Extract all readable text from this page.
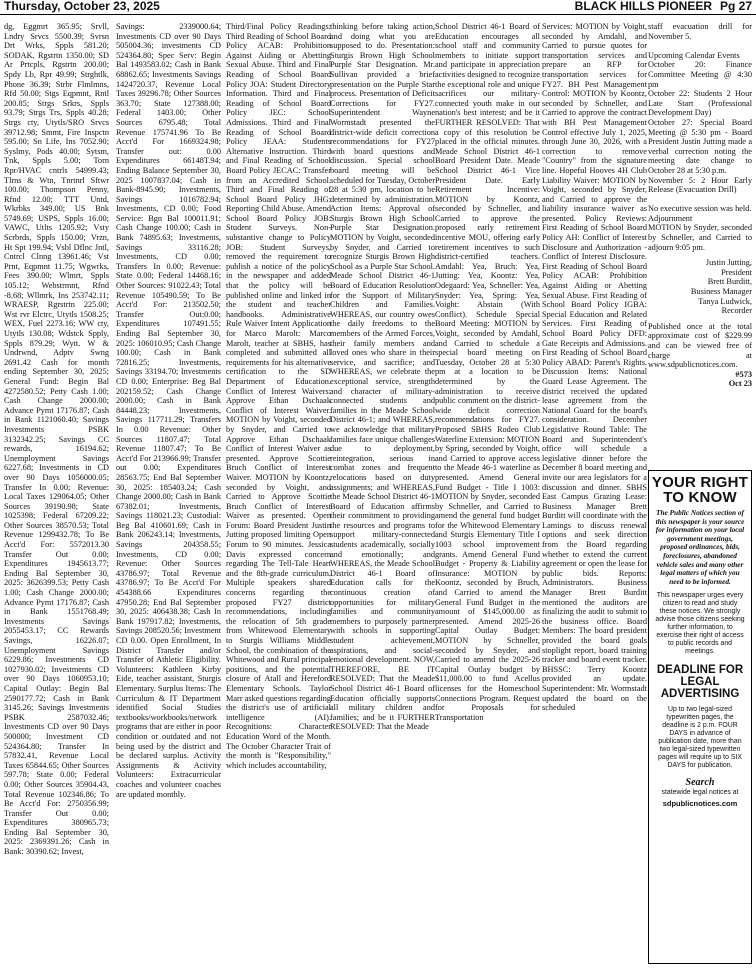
Thursday, October 23, 2025	BLACK HILLS PIONEER Pg 27

dg, Eggmrt 365.95; Srvll, Lndry Srvcs 5500.39; Svrsn Drt Wrks, Sppls 581.20; SODAK, Rgstrtn 1350.00; SD Ar Prtcpls, Rgstrtn 200.00; Spdy Lb, Rpr 49.99; Strghtlk, Phone 36.39; Strbr Flmlmns, Rfd 50.00; Stgs Eqpmnt, Rntl 200.85; Strgs Srkrs, Sppls 93.79; Strgs Trs, Sppls 40.28; Strgs cty, Utytls/SRO Srvcs 39712.98; Smmt, Fire Inspctn 595.00; Sn Life, Ins 7052.90; Syslmy, Pods 40.00; Sytsm, Tnk, Sppls 5.00; Torn Rpr/HVAC cntrls 54999.43; Tlrns & Wtn, Tnrtnrl Sftwr 100.00; Thompson Penny, Rfnd 12.00; TTT Untd, Wkrbks 349.00; US Bnk 5749.69; USPS, Sppls 16.00; VAWC, Utlts 1205.92; Vsty Scrbrds, Sppls 150.00; Vrzn, Ht Spt 199.94; Vsbl Dflnc Jntl, Cntrcl Clnng 13961.46; Vst Prnt, Eqpmnt 11.75; Wgwrks, Fees 390.00; Wlmrt, Sppls 105.12; Webstrmnt, Rfnd -8.68; Wllmrk, Ins 253742.11; WRAESP, Rgrstrtn 225.00; Wst rvr Elctrc, Utytls 1508.25; WEX, Fuel 2273.16; WW cty, Utytls 130.08; Wdstck Spply, Sppls 879.29; Wytt. W & Undrwnd, Adptv Swng 2691.42 Cash for month ending September 30, 2025; General Fund: Begin Bal 4272580.52; Petty Cash 1.00; Cash Change 2000.00; Advance Pymt 17176.87; Cash in Bank 1121060.40; Savings Investments PSBK 3132342.25; Savings CC rewards, 16194.62; Unemployment Savings 6227.68; Investments in CD over 90 Days 1056000.05; Transfer In 0.00; Revenue: Local Taxes 129064.05; Other Sources 39190.98; State 1025398; Federal 67209.22; Other Sources 38570.53; Total Revenue 1299432.78; To Be Acct'd For: 5572013.30 Transfer Out 0.00; Expenditures 1945613.77; Ending Bal September 30, 2025: 3626399.53; Petty Cash 1.00; Cash Change 2000.00; Advance Pymt 17176.87; Cash in Bank 1551768.49; Investments Savings 2055453.17; CC Rewards Savings, 16226.07; Unemployment Savings 6229.86; Investments CD 1027930.02; Investments CD over 90 Days 1060953.10; Capital Outlay: Begin Bal 2590177.72; Cash in Bank 3145.26; Savings Investments PSBK 2587032.46; Investments CD over 90 Days 500000; Investment CD 524364.80; Transfer In 57832.41, Revenue Local Taxes 65844.65; Other Sources 597.78; State 0.00; Federal 0.00; Other Sources 35904.43, Total Revenue 102346.86; To Be Acct'd For: 2750356.99; Transfer Out 0.00; Expenditures 380965.73; Ending Bal September 30, 2025: 2369391.26; Cash in Bank: 30390.62; Invest,

Savings: 2339000.64; Investments CD over 90 Days 505004.36; investments CD 524364.80; Spec Serv: Begin Bal 1493583.02; Cash in Bank 68862.65; Investments Savings 1424720.37, Revenue Local Taxes 39296.78; Other Sources 363.70; State 127388.00; Federal 1403.00; Other Sources 6795.48; Total Revenue 175741.96 To Be Acct'd For 1669324.98; Transfer out: 0.00 Expenditures 66148T.94; Ending Balance September 30, 2025 1007837.04; Cash in Bank-8945.90; Investments, Savings 1016782.94; Investments, CD 0.00; Food Service: Bgn Bal 100011.91; Cash Change 100.00; Cash in Bank 74895.63; Investments, Savings 33116.28; Investments, CD 0.00; Transfers In 0.00; Revenue: State 0.00; Federal 14468.16; Other Sources: 91022.43; Total Revenue 105490.59; To Be Acct'd For: 213502.50; Transfer Out:0.00; Expenditures 107491.55; Ending Bal September 30, 2025: 106010.95; Cash Change 100.00; Cash in Bank 72816.25; Investments, Savings 33194.70; Investments CD 0.00; Enterprise: Beg Bal 202159.52; Cash Change 2000.00; Cash in Bank 84448.23; Investments, Savings 117711.29; Transfers In 0.00 Revenue: Other Sources 11807.47; Total Revenue 11807.47; To Be Acct'd For 213966.99; Transfer out 0.00; Expenditures 28563.75; End Bal September 30, 2025: 185403.24; Cash Change 2000.00; Cash in Bank 67382.01; Investments, Savings 118021.23; Custodial: Beg Bal 410601.69; Cash in Bank 206243.14; Investments, Savings 204358.55; Investments, CD 0.00; Revenue: Other Sources 43786.97; Total Revenue 43786.97; To Be Acct'd For 454388.66 Expenditures 47950.28; End Bal September 30, 2025: 406438.38; Cash In Bank 197917.82; Investments, Savings 208520.56; Investment CD 0.00. Open Enrollment, In District Transfer and/or Transfer of Athletic Eligibility. Volunteers: Kathleen Kirby Eide, teacher assistant, Sturgis Elementary. Surplus Items: The Curriculum & IT Department identified Social Studies textbooks/workbooks/network programs that are either in poor condition or outdated and not being used by the district and be declared surplus. Activity Assignments & Activity Volunteers: Extracurricular coaches and volunteer coaches are updated monthly.

Third/Final Policy Readings: Third Reading of School Board Policy ACAB: Prohibition Against Aiding or Abetting Sexual Abuse. Third and Final Reading of School Board Policy JOA: Student Directory Information. Third and Final Reading of School Board Policy JEC: School Admissions. Third and Final Reading of School Board Policy JEAA: Students Alternative Instruction. Third and Final Reading of School Board Policy JECAC: Transfer from an Accredited School. Third and Final Reading of School Board Policy JHG: Reporting Child Abuse. Amend School Board Policy JOB: Student Surveys. Non-substantive change to Policy JOB: Student Surveys, removed the requirement to publish a notice of the policy in the newspaper and added that the policy will be published online and linked in the student and teacher handbooks. Administrative Rule Waiver Intent Application for Marco Marolt: Marco Marolt, teacher at SBHS, has completed and submitted all requirements for his alternative certification to the SD Department of Education. Conflict of Interest Waivers: Approve Ethan Dschaak Conflict of Interest Waiver. MOTION by Voight, seconded by Snyder, and Carried to Approve Ethan Dschaak Conflict of Interest Waiver as presented. Approve Scottie Bruch Conflict of Interest Waiver. MOTION by Koontz, seconded by Voight, and Carried to Approve Scottie Bruch Conflict of Interest Waiver as presented. Open Forum: Board President Justin Jutting proposed limiting Open Forum to 90 minutes. Jessica Davis expressed concern regarding The Tell-Tale Heart and the 8th-grade curriculum. Multiple speakers shared concerns regarding the proposed FY27 district recommendations, including the relocation of 5th grade from Whitewood Elementary to Sturgis Williams Middle School, the combination of the Whitewood and Rural principal positions, and the potential closure of Atall and Hereford Elementary Schools. Taylor Marr asked questions regarding the district's use of artificial intelligence (AI). Recognitions: Character Education Word of the Month. The October Character Trait of the month is "Responsibility," which includes accountability,

thinking before taking action, and doing what you are supposed to do. Presentation: Sturgis Brown High School Purple Star Designation. Mr. Sullivan provided a brief presentation on the Purple Star process. Presentation of Deficit Corrections for FY27. Superintendent Wayne Wormstadt presented the district-wide deficit correction recommendations for FY27 with board questions and discussion. Special school board meeting will be scheduled for Tuesday, October 28 at 5:30 pm, location to be determined by administration. Action Items: Approval of Sturgis Brown High School Purple Star Designation. MOTION by Voight, seconded by Snyder, and Carried to recognize Sturgis Brown High School as a Purple Star School. Meade School District 46-1 Board of Education Resolution for the Support of Military Children and Families. WHEREAS, our country owes the daily freedoms to the members of the Armed Forces, their family members and loved ones who share in their service, and sacrifice; and WHEREAS, we celebrate the exceptional service, strength and character of military-connected students and families in the Meade School District 46-1; and WHEREAS, we acknowledge that military families face unique challenges due to deployment, reintegration, serious in combat zones and frequent relocations based on duty assignments; and WHEREAS, the Meade School District 46-1 Board of Education affirms their commitment to providing the resources and programs to support military-connected students academically, socially and emotionally; and WHEREAS, the Meade School District 46-1 Board of Education calls for the continuous creation of opportunities for military families and community members to purposely partner with schools in supporting student achievement, aspirations, and social-emotional development. NOW, THEREFORE, BE IT RESOLVED: That the Meade School District 46-1 Board of Education officially supports all military children and families; and be it FURTHER RESOLVED: That the Meade

School District 46-1 Board of Education encourages all school staff and community members to initiate support and participate in appreciation activities designed to recognize the exceptional role and unique sacrifices our military-connected youth make in our nation's best interest; and be it FURTHER RESOLVED: That a copy of this resolution be placed in the official minutes. Meade School District 46-1 Board President Date. Meade School District 46-1 Vice President Date. Early Retirement Incentive: MOTION by Koontz, seconded by Schneller, and Carried to approve the proposed early retirement incentive MOU, offering early retirement incentives to such district-certified teachers. Amdahl: Yea, Bruch: Yea, Jutting: Yea, Koontz: Yea, Odegaard: Yea, Schneller: Yea, Snyder: Yea, Spring: Yea, Voight: Abstain (With Conflict). Schedule Special Board Meeting: MOTION by Voight, seconded by Amdahl, and Carried to schedule a special board meeting on Tuesday, October 28 at 5:30 pm at a location to be determined by the administration to receive public comment on the district-wide deficit correction recommendations for FY27. Proposed SBHS Rodeo Club Waterline Extension: MOTION by Spring, seconded by Voight, and Carried to approve access to the Meade 46-1 waterline as presented. Amend General Fund Budget - Title I 1003: MOTION by Snyder, seconded by Schneller, and Carried to amend the general fund budget for the Whitewood Elementary and Sturgis Elementary Title I 1003 school improvement grants. Amend General Fund Budget - Property & Liability Insurance: MOTION by Koontz, seconded by Bruch, and Carried to amend the General Fund Budget in the amount of $145,000.00 as presented. Amend 2025-26 Capital Outlay Budget: MOTION by Schneller, seconded by Snyder, and Carried to amend the 2025-26 Capital Outlay budget by $11,000.00 to fund Acellus licenses for the Homeschool Connections Program. Request for Proposals for Transportation

Services: MOTION by Voight, seconded by Amdahl, and Carried to pursue quotes for transportation services and prepare an RFP for transportation services for FY27. BH Pest Management Control: MOTION by Koontz, seconded by Schneller, and Carried to approve the contract with BH Pest Management Control effective July 1, 2025, through June 30, 2026, with a correction to remove "Country" from the signature line. Hopeful Hooves 4H Club Liability Waiver: MOTION by Voight, seconded by Snyder, and Carried to approve the liability insurance waiver as presented. Policy Reviews: First Reading of School Board Policy AH: Conflict of Interest Disclosure and Authorization - Conflict of Interest Disclosure. First Reading of School Board Policy ACAB: Prohibition Against Aiding or Abetting Sexual Abuse. First Reading of School Board Policy IGBA: Special Education and Related Services. First Reading of School Board Policy DFD: Gate Receipts and Admissions. First Reading of School Board Policy ABAD: Parent's Rights. Discussion Items: National Guard Lease Agreement. The district received the updated lease agreement from the National Guard for the board's consideration. December Legislative Round Table: The Board and Superintendent's office will schedule a legislative dinner before the December 8 board meeting and invite our area legislators for a discussion and dinner. SBHS East Campus Grazing Lease: Business Manager Brett Burditt will coordinate with the Lamings to discuss renewal options and seek direction from the Board regarding whether to extend the current agreement or open the lease for public bids. Reports: Administrators. Business Manager Brett Burditt mentioned the auditors are finalizing the audit to submit to the business office. Board Members: The board president provided the board goals stoplight report, board training tracker and board event tracker. BHSSC: Terry Koontz provided an update. Superintendent: Mr. Wormstadt updated the board on the scheduled

staff evacuation drill for November 5.

Upcoming Calendar Events
October 20: Finance Committee Meeting @ 4:30 pm
October 22: Students 2 Hour Late Start (Professional Development Day)
October 27: Special Board Meeting @ 5:30 pm - Board President Justin Jutting made a verbal correction noting the meeting date change to October 28 at 5:30 p.m.
November 5: 2 Hour Early Release (Evacuation Drill)

No executive session was held.
Adjournment
MOTION by Snyder, seconded by Schneller, and Carried to adjourn 9:05 pm.

Justin Jutting,
President
Brett Burditt,
Business Manager
Tanya Ludwick,
Recorder

Published once at the total approximate cost of $229.99 and can be viewed free of charge at www.sdpublicnotices.com.

#573
Oct 23
YOUR RIGHT TO KNOW
The Public Notices section of this newspaper is your source for information on your local government meetings, proposed ordinances, bids, foreclosures, abandoned vehicle sales and many other legal matters of which you need to be informed.
This newspaper urges every citizen to read and study these notices. We strongly advise those citizens seeking further information, to exercise their right of access to public records and meetings.
DEADLINE FOR LEGAL ADVERTISING
Up to two legal-sized typewritten pages, the deadline is 2 p.m. FOUR DAYS in advance of publication date, more than two legal-sized typewritten pages will require up to SIX DAYS for publication.
Search
statewide legal notices at
sdpublicnotices.com
